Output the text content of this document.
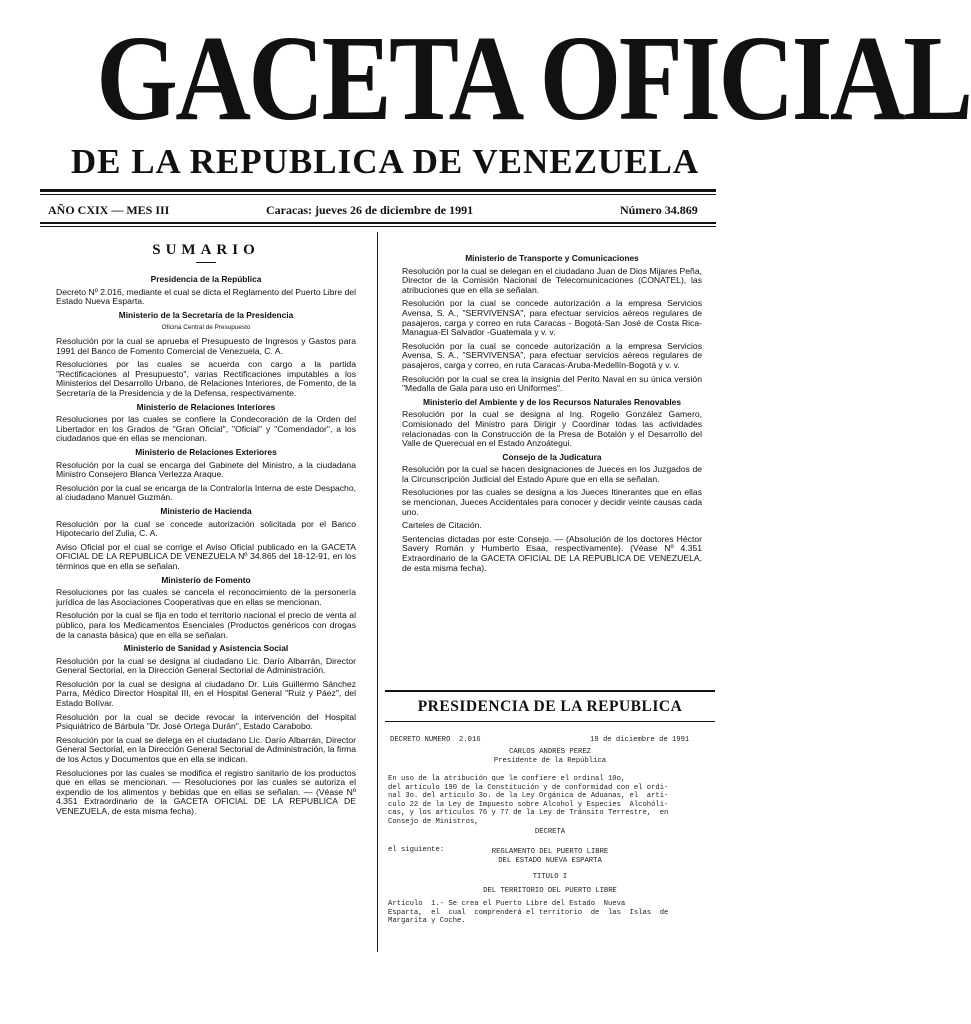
GACETA OFICIAL
DE LA REPUBLICA DE VENEZUELA
AÑO CXIX — MES III	Caracas: jueves 26 de diciembre de 1991	Número 34.869
SUMARIO
Presidencia de la República
Decreto Nº 2.016, mediante el cual se dicta el Reglamento del Puerto Libre del Estado Nueva Esparta.
Ministerio de la Secretaría de la Presidencia
Oficina Central de Presupuesto
Resolución por la cual se aprueba el Presupuesto de Ingresos y Gastos para 1991 del Banco de Fomento Comercial de Venezuela, C. A.
Resoluciones por las cuales se acuerda con cargo a la partida "Rectificaciones al Presupuesto", varias Rectificaciones imputables a los Ministerios del Desarrollo Urbano, de Relaciones Interiores, de Fomento, de la Secretaría de la Presidencia y de la Defensa, respectivamente.
Ministerio de Relaciones Interiores
Resoluciones por las cuales se confiere la Condecoración de la Orden del Libertador en los Grados de "Gran Oficial", "Oficial" y "Comendador", a los ciudadanos que en ellas se mencionan.
Ministerio de Relaciones Exteriores
Resolución por la cual se encarga del Gabinete del Ministro, a la ciudadana Ministro Consejero Blanca Verlezza Araque.
Resolución por la cual se encarga de la Contraloría Interna de este Despacho, al ciudadano Manuel Guzmán.
Ministerio de Hacienda
Resolución por la cual se concede autorización solicitada por el Banco Hipotecario del Zulia, C. A.
Aviso Oficial por el cual se corrige el Aviso Oficial publicado en la GACETA OFICIAL DE LA REPUBLICA DE VENEZUELA Nº 34.865 del 18-12-91, en los términos que en ella se señalan.
Ministerio de Fomento
Resoluciones por las cuales se cancela el reconocimiento de la personería jurídica de las Asociaciones Cooperativas que en ellas se mencionan.
Resolución por la cual se fija en todo el territorio nacional el precio de venta al público, para los Medicamentos Esenciales (Productos genéricos con drogas de la canasta básica) que en ella se señalan.
Ministerio de Sanidad y Asistencia Social
Resolución por la cual se designa al ciudadano Lic. Darío Albarrán, Director General Sectorial, en la Dirección General Sectorial de Administración.
Resolución por la cual se designa al ciudadano Dr. Luis Guillermo Sánchez Parra, Médico Director Hospital III, en el Hospital General "Ruiz y Páez", del Estado Bolívar.
Resolución por la cual se decide revocar la intervención del Hospital Psiquiátrico de Bárbula "Dr. José Ortega Durán", Estado Carabobo.
Resolución por la cual se delega en el ciudadano Lic. Darío Albarrán, Director General Sectorial, en la Dirección General Sectorial de Administración, la firma de los Actos y Documentos que en ella se indican.
Resoluciones por las cuales se modifica el registro sanitario de los productos que en ellas se mencionan. — Resoluciones por las cuales se autoriza el expendio de los alimentos y bebidas que en ellas se señalan. — (Véase Nº 4.351 Extraordinario de la GACETA OFICIAL DE LA REPUBLICA DE VENEZUELA, de esta misma fecha).
Ministerio de Transporte y Comunicaciones
Resolución por la cual se delegan en el ciudadano Juan de Dios Mijares Peña, Director de la Comisión Nacional de Telecomunicaciones (CONATEL), las atribuciones que en ella se señalan.
Resolución por la cual se concede autorización a la empresa Servicios Avensa, S. A., "SERVIVENSA", para efectuar servicios aéreos regulares de pasajeros, carga y correo en ruta Caracas - Bogotá-San José de Costa Rica-Managua-El Salvador -Guatemala y v. v.
Resolución por la cual se concede autorización a la empresa Servicios Avensa, S. A., "SERVIVENSA", para efectuar servicios aéreos regulares de pasajeros, carga y correo, en ruta Caracas-Aruba-Medellín-Bogotá y v. v.
Resolución por la cual se crea la insignia del Perito Naval en su única versión "Medalla de Gala para uso en Uniformes".
Ministerio del Ambiente y de los Recursos Naturales Renovables
Resolución por la cual se designa al Ing. Rogelio González Gamero, Comisionado del Ministro para Dirigir y Coordinar todas las actividades relacionadas con la Construcción de la Presa de Botalón y el Desarrollo del Valle de Querecual en el Estado Anzoátegui.
Consejo de la Judicatura
Resolución por la cual se hacen designaciones de Jueces en los Juzgados de la Circunscripción Judicial del Estado Apure que en ella se señalan.
Resoluciones por las cuales se designa a los Jueces Itinerantes que en ellas se mencionan, Jueces Accidentales para conocer y decidir veinte causas cada uno.
Carteles de Citación.
Sentencias dictadas por este Consejo. — (Absolución de los doctores Héctor Savery Román y Humberto Esaa, respectivamente). (Véase Nº 4.351 Extraordinario de la GACETA OFICIAL DE LA REPUBLICA DE VENEZUELA, de esta misma fecha).
PRESIDENCIA DE LA REPUBLICA
DECRETO NUMERO  2.016	19 de diciembre de 1991
CARLOS ANDRES PEREZ
Presidente de la República
En uso de la atribución que le confiere el ordinal 10o,
del artículo 190 de la Constitución y de conformidad con el ordi-
nal 3o. del artículo 3o. de la Ley Orgánica de Aduanas, el  artí-
culo 22 de la Ley de Impuesto sobre Alcohol y Especies  Alcohóli-
cas, y los artículos 76 y 77 de la Ley de Tránsito Terrestre,  en
Consejo de Ministros,
DECRETA
el siguiente:	REGLAMENTO DEL PUERTO LIBRE
DEL ESTADO NUEVA ESPARTA
TITULO I
DEL TERRITORIO DEL PUERTO LIBRE
Artículo  1.- Se crea el Puerto Libre del Estado  Nueva
Esparta,  el  cual  comprenderá el territorio  de  las  Islas  de
Margarita y Coche.
